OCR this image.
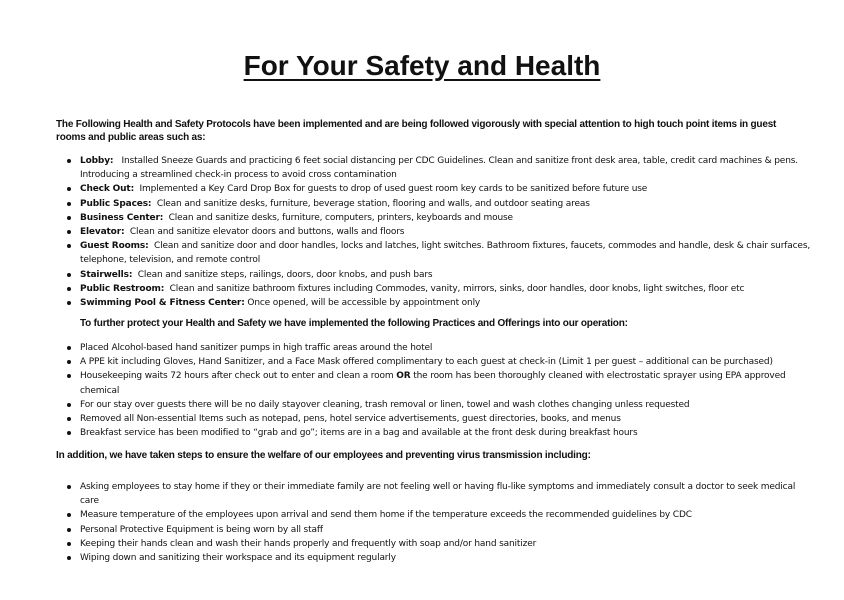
For Your Safety and Health

The Following Health and Safety Protocols have been implemented and are being followed vigorously with special attention to high touch point items in guest rooms and public areas such as:

Lobby: Installed Sneeze Guards and practicing 6 feet social distancing per CDC Guidelines. Clean and sanitize front desk area, table, credit card machines & pens. Introducing a streamlined check-in process to avoid cross contamination
Check Out: Implemented a Key Card Drop Box for guests to drop of used guest room key cards to be sanitized before future use
Public Spaces: Clean and sanitize desks, furniture, beverage station, flooring and walls, and outdoor seating areas
Business Center: Clean and sanitize desks, furniture, computers, printers, keyboards and mouse
Elevator: Clean and sanitize elevator doors and buttons, walls and floors
Guest Rooms: Clean and sanitize door and door handles, locks and latches, light switches. Bathroom fixtures, faucets, commodes and handle, desk & chair surfaces, telephone, television, and remote control
Stairwells: Clean and sanitize steps, railings, doors, door knobs, and push bars
Public Restroom: Clean and sanitize bathroom fixtures including Commodes, vanity, mirrors, sinks, door handles, door knobs, light switches, floor etc
Swimming Pool & Fitness Center: Once opened, will be accessible by appointment only

To further protect your Health and Safety we have implemented the following Practices and Offerings into our operation:

Placed Alcohol-based hand sanitizer pumps in high traffic areas around the hotel
A PPE kit including Gloves, Hand Sanitizer, and a Face Mask offered complimentary to each guest at check-in (Limit 1 per guest – additional can be purchased)
Housekeeping waits 72 hours after check out to enter and clean a room OR the room has been thoroughly cleaned with electrostatic sprayer using EPA approved chemical
For our stay over guests there will be no daily stayover cleaning, trash removal or linen, towel and wash clothes changing unless requested
Removed all Non-essential Items such as notepad, pens, hotel service advertisements, guest directories, books, and menus
Breakfast service has been modified to “grab and go”; items are in a bag and available at the front desk during breakfast hours

In addition, we have taken steps to ensure the welfare of our employees and preventing virus transmission including:

Asking employees to stay home if they or their immediate family are not feeling well or having flu-like symptoms and immediately consult a doctor to seek medical care
Measure temperature of the employees upon arrival and send them home if the temperature exceeds the recommended guidelines by CDC
Personal Protective Equipment is being worn by all staff
Keeping their hands clean and wash their hands properly and frequently with soap and/or hand sanitizer
Wiping down and sanitizing their workspace and its equipment regularly
